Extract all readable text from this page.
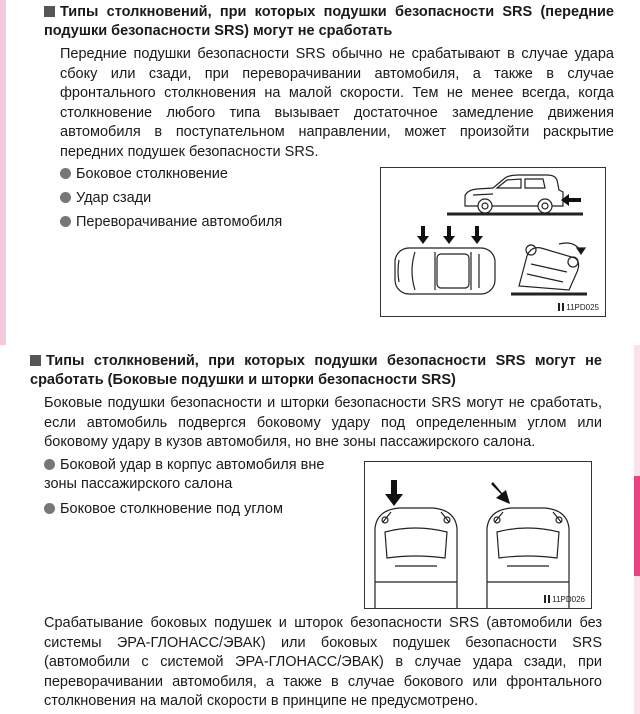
Типы столкновений, при которых подушки безопасности SRS (передние подушки безопасности SRS) могут не сработать
Передние подушки безопасности SRS обычно не срабатывают в случае удара сбоку или сзади, при переворачивании автомобиля, а также в случае фронтального столкновения на малой скорости. Тем не менее всегда, когда столкновение любого типа вызывает достаточное замедление движения автомобиля в поступательном направлении, может произойти раскрытие передних подушек безопасности SRS.
Боковое столкновение
Удар сзади
Переворачивание автомобиля
11PD025
Типы столкновений, при которых подушки безопасности SRS могут не сработать (Боковые подушки и шторки безопасности SRS)
Боковые подушки безопасности и шторки безопасности SRS могут не сработать, если автомобиль подвергся боковому удару под определенным углом или боковому удару в кузов автомобиля, но вне зоны пассажирского салона.
Боковой удар в корпус автомобиля вне зоны пассажирского салона
Боковое столкновение под углом
11PD026
Срабатывание боковых подушек и шторок безопасности SRS (автомобили без системы ЭРА-ГЛОНАСС/ЭВАК) или боковых подушек безопасности SRS (автомобили с системой ЭРА-ГЛОНАСС/ЭВАК) в случае удара сзади, при переворачивании автомобиля, а также в случае бокового или фронтального столкновения на малой скорости в принципе не предусмотрено.
